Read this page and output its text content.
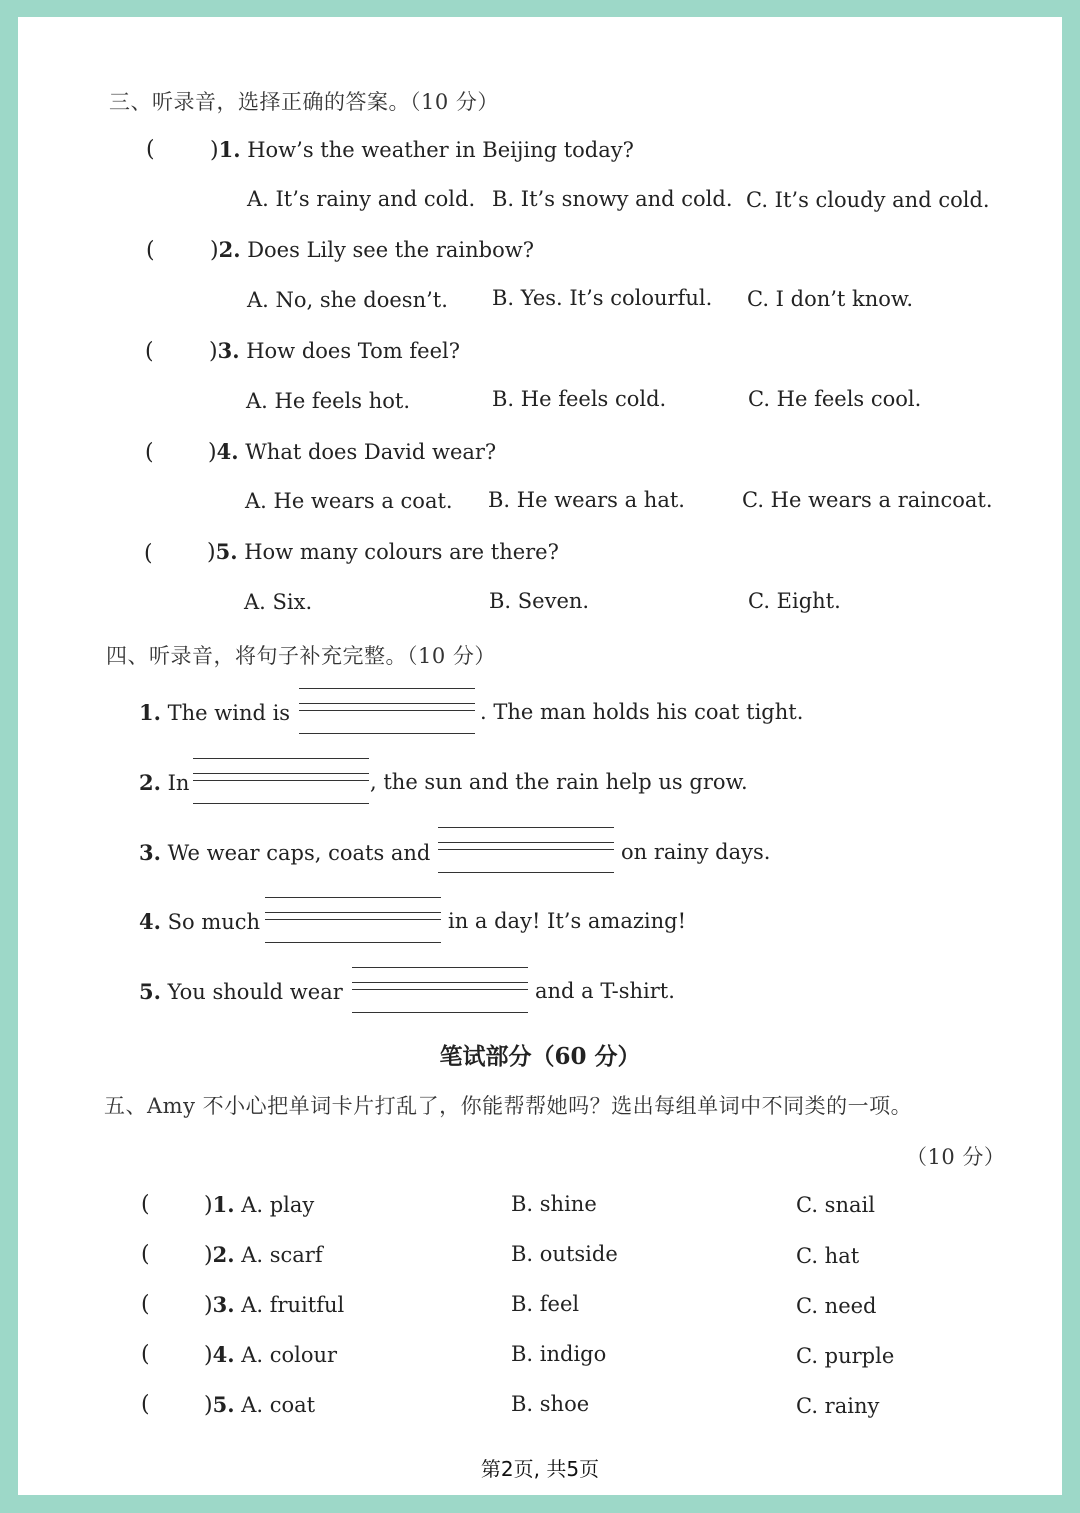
三、听录音，选择正确的答案。（10 分）
(	)1. How’s the weather in Beijing today?
A. It’s rainy and cold. B. It’s snowy and cold. C. It’s cloudy and cold.
(	)2. Does Lily see the rainbow?
A. No, she doesn’t. B. Yes. It’s colourful. C. I don’t know.
(	)3. How does Tom feel?
A. He feels hot.	B. He feels cold.	C. He feels cool.
( )4. What does David wear?
A. He wears a coat. B. He wears a hat.	C. He wears a raincoat.
( )5. How many colours are there?
A. Six.	B. Seven.	C. Eight.
四、听录音，将句子补充完整。（10 分）
1. The wind is	. The man holds his coat tight.
2. In	, the sun and the rain help us grow.
3. We wear caps, coats and	on rainy days.
4. So much	in a day! It’s amazing!
5. You should wear	and a T-shirt.
笔试部分（60 分）
五、Amy 不小心把单词卡片打乱了，你能帮帮她吗？选出每组单词中不同类的一项。
（10 分）
( )1. A. play	B. shine	C. snail
( )2. A. scarf	B. outside	C. hat
( )3. A. fruitful	B. feel	C. need
( )4. A. colour	B. indigo	C. purple
( )5. A. coat	B. shoe	C. rainy
第2页, 共5页
